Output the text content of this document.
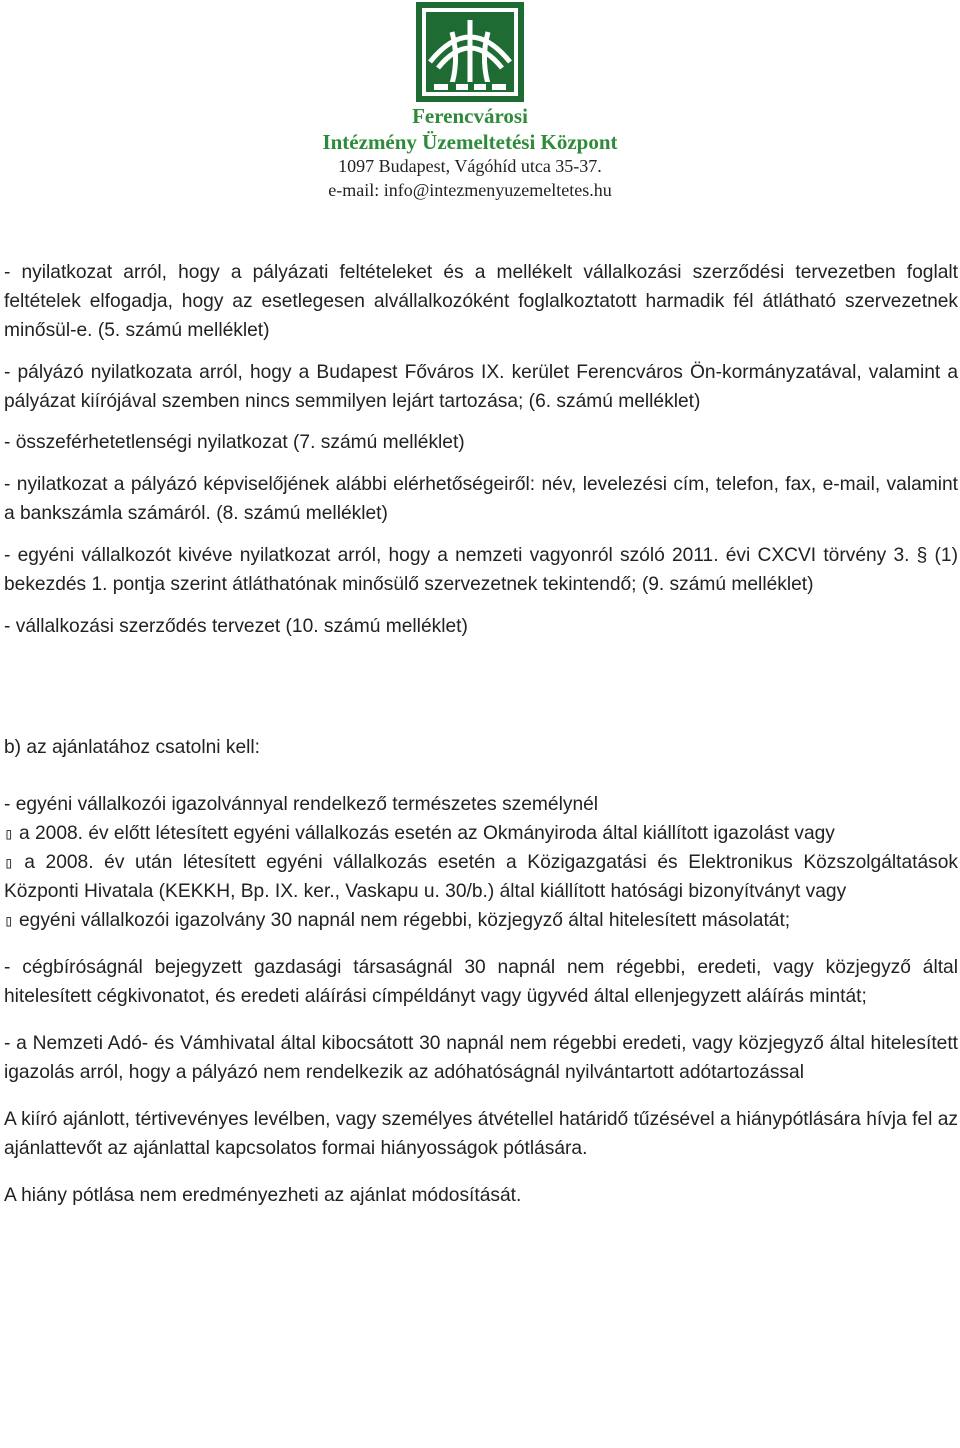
Ferencvárosi
Intézmény Üzemeltetési Központ
1097 Budapest, Vágóhíd utca 35-37.
e-mail: info@intezmenyuzemeltetes.hu

- nyilatkozat arról, hogy a pályázati feltételeket és a mellékelt vállalkozási szerződési tervezetben foglalt feltételek elfogadja, hogy az esetlegesen alvállalkozóként foglalkoztatott harmadik fél átlátható szervezetnek minősül-e. (5. számú melléklet)

- pályázó nyilatkozata arról, hogy a Budapest Főváros IX. kerület Ferencváros Ön-kormányzatával, valamint a pályázat kiírójával szemben nincs semmilyen lejárt tartozása; (6. számú melléklet)

- összeférhetetlenségi nyilatkozat (7. számú melléklet)

- nyilatkozat a pályázó képviselőjének alábbi elérhetőségeiről: név, levelezési cím, telefon, fax, e-mail, valamint a bankszámla számáról. (8. számú melléklet)

- egyéni vállalkozót kivéve nyilatkozat arról, hogy a nemzeti vagyonról szóló 2011. évi CXCVI törvény 3. § (1) bekezdés 1. pontja szerint átláthatónak minősülő szervezetnek tekintendő; (9. számú melléklet)

- vállalkozási szerződés tervezet (10. számú melléklet)

b) az ajánlatához csatolni kell:

- egyéni vállalkozói igazolvánnyal rendelkező természetes személynél

▯ a 2008. év előtt létesített egyéni vállalkozás esetén az Okmányiroda által kiállított igazolást vagy

▯ a 2008. év után létesített egyéni vállalkozás esetén a Közigazgatási és Elektronikus Közszolgáltatások Központi Hivatala (KEKKH, Bp. IX. ker., Vaskapu u. 30/b.) által kiállított hatósági bizonyítványt vagy

▯ egyéni vállalkozói igazolvány 30 napnál nem régebbi, közjegyző által hitelesített másolatát;

- cégbíróságnál bejegyzett gazdasági társaságnál 30 napnál nem régebbi, eredeti, vagy közjegyző által hitelesített cégkivonatot, és eredeti aláírási címpéldányt vagy ügyvéd által ellenjegyzett aláírás mintát;

- a Nemzeti Adó- és Vámhivatal által kibocsátott 30 napnál nem régebbi eredeti, vagy közjegyző által hitelesített igazolás arról, hogy a pályázó nem rendelkezik az adóhatóságnál nyilvántartott adótartozással

A kiíró ajánlott, tértivevényes levélben, vagy személyes átvétellel határidő tűzésével a hiánypótlására hívja fel az ajánlattevőt az ajánlattal kapcsolatos formai hiányosságok pótlására.

A hiány pótlása nem eredményezheti az ajánlat módosítását.
